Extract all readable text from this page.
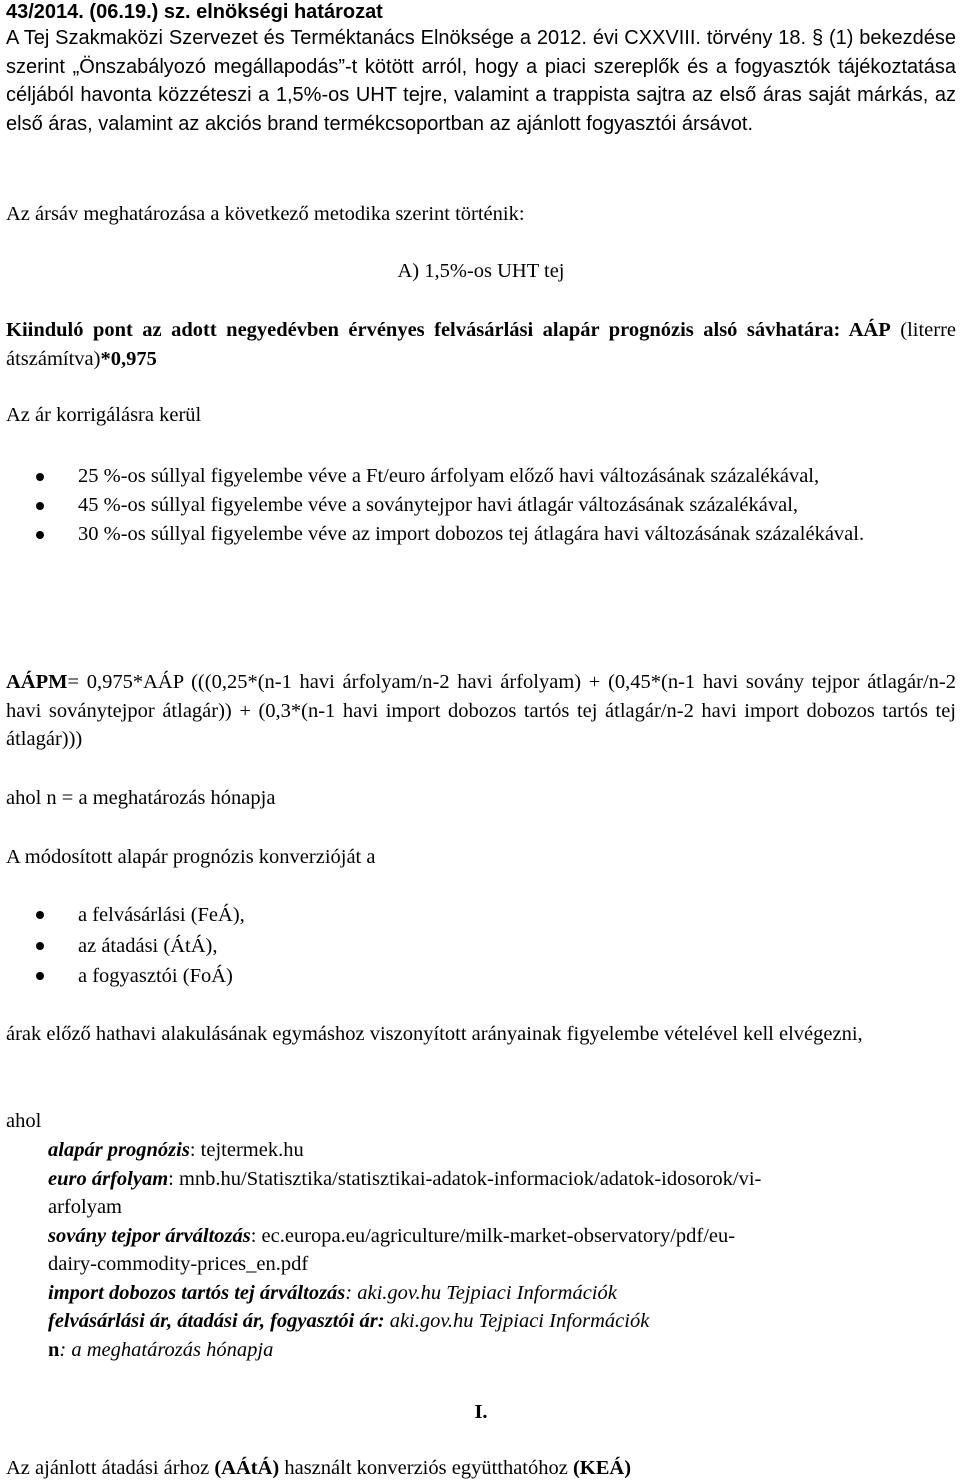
43/2014. (06.19.) sz. elnökségi határozat
A Tej Szakmaközi Szervezet és Terméktanács Elnöksége a 2012. évi CXXVIII. törvény 18. § (1) bekezdése szerint „Önszabályozó megállapodás”-t kötött arról, hogy a piaci szereplők és a fogyasztók tájékoztatása céljából havonta közzéteszi a 1,5%-os UHT tejre, valamint a trappista sajtra az első áras saját márkás, az első áras, valamint az akciós brand termékcsoportban az ajánlott fogyasztói ársávot.
Az ársáv meghatározása a következő metodika szerint történik:
A) 1,5%-os UHT tej
Kiinduló pont az adott negyedévben érvényes felvásárlási alapár prognózis alsó sávhatára: AÁP (literre átszámítva)*0,975
Az ár korrigálásra kerül
25 %-os súllyal figyelembe véve a Ft/euro árfolyam előző havi változásának százalékával,
45 %-os súllyal figyelembe véve a soványtejpor havi átlagár változásának százalékával,
30 %-os súllyal figyelembe véve az import dobozos tej átlagára havi változásának százalékával.
AÁPM= 0,975*AÁP (((0,25*(n-1 havi árfolyam/n-2 havi árfolyam) + (0,45*(n-1 havi sovány tejpor átlagár/n-2 havi soványtejpor átlagár)) + (0,3*(n-1 havi import dobozos tartós tej átlagár/n-2 havi import dobozos tartós tej átlagár)))
ahol n = a meghatározás hónapja
A módosított alapár prognózis konverzióját a
a felvásárlási (FeÁ),
az átadási (ÁtÁ),
a fogyasztói (FoÁ)
árak előző hathavi alakulásának egymáshoz viszonyított arányainak figyelembe vételével kell elvégezni,
ahol
alapár prognózis: tejtermek.hu
euro árfolyam: mnb.hu/Statisztika/statisztikai-adatok-informaciok/adatok-idosorok/vi-
arfolyam
sovány tejpor árváltozás: ec.europa.eu/agriculture/milk-market-observatory/pdf/eu-
dairy-commodity-prices_en.pdf
import dobozos tartós tej árváltozás: aki.gov.hu Tejpiaci Információk
felvásárlási ár, átadási ár, fogyasztói ár: aki.gov.hu Tejpiaci Információk
n: a meghatározás hónapja
I.
Az ajánlott átadási árhoz (AÁtÁ) használt konverziós együtthatóhoz (KEÁ)
